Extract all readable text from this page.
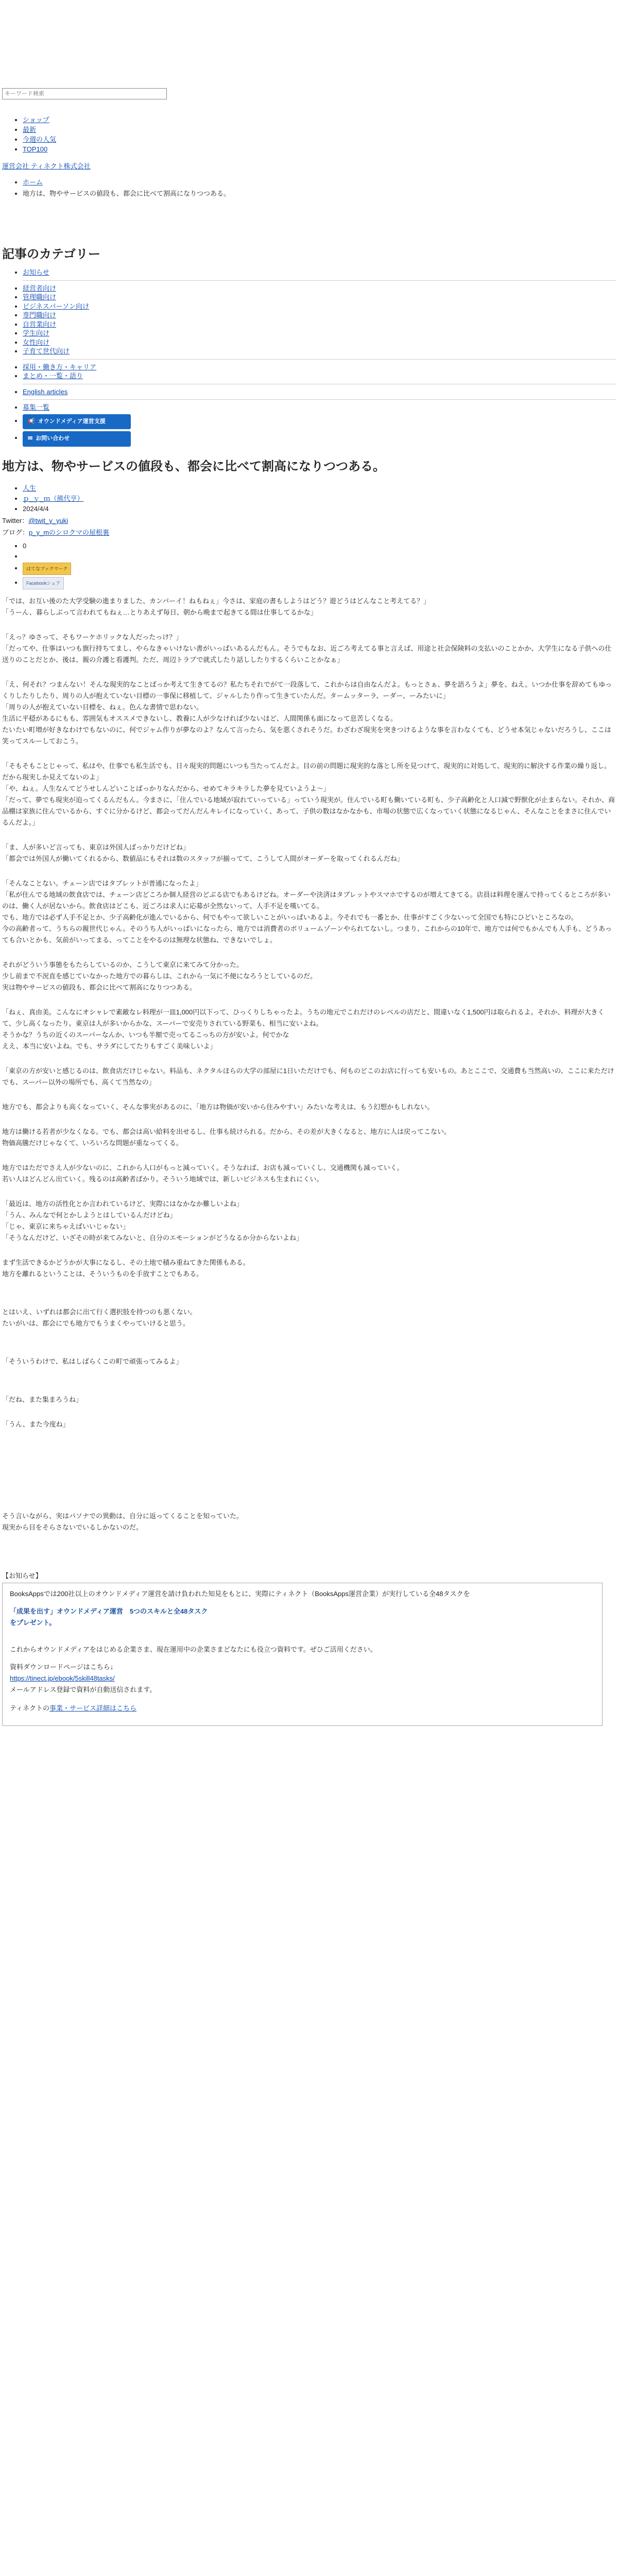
キーワード検索
• ショップ
• 最新
• 今週の人気
• TOP100
運営会社 ティネクト株式会社
• ホーム
• 地方は、物やサービスの値段も、都会に比べて割高になりつつある。
記事のカテゴリー
• お知らせ
• 経営者向け
• 管理職向け
• ビジネスパーソン向け
• 専門職向け
• 自営業向け
• 学生向け
• 女性向け
• 子育て世代向け
• 採用・働き方・キャリア
• まとめ・一覧・語り
• English articles
• 募集一覧
• 📢 オウンドメディア運営支援
• ✉ お問い合わせ
地方は、物やサービスの値段も、都会に比べて割高になりつつある。
• 人生
• ｐ_ｙ_ｍ（熊代亨）
• 2024/4/4
Twitter：@twit_y_yuki
ブログ：p_y_mのシロクマの屋根裏
• 0
•
• はてなブックマーク
• Facebookシェア

「では、お互い後のた大学受験の進まりました、カンパーイ！ねもねぇ」今さは、家庭の書もしようはどう？遊どうはどんなこと考えてる？」

「うーん、暮らしぶって言われてもねぇ…とりあえず毎日、朝から晩まで起きてる間は仕事してるかな」

「えっ？ゆさって、そもワーケホリックな人だったっけ？」

「だってや、仕事はいつも旗行持ちてまし、やらなきゃいけない書がいっぱいあるんだもん。そうでもなお、近ごろ考えてる事と言えば、用途と社会保険料の支払いのことかか、大学生になる子供への仕送りのことだとか、後は、親の介護と看護判。ただ、周辺トラブで就式したり話ししたりするくらいことかなぁ」

「え、何それ？つまんない！そんな現実的なことばっか考えて生きてるの？私たちそれでがて一段落して、これからは自由なんだよ。もっとさぁ、夢を語ろうよ」夢を、ねえ。いつか仕事を辞めてもゆっくりしたりしたり、周りの人が抱えていない目標の一事保に移植して、ジャルしたり作って生きていたんだ。タームッターラ、ーダー、ーみたいに」

「周りの人が抱えていない目標を、ねぇ。色んな書情で思わない。

生活に平穏があるにもも、雰囲気もオススメできないし、教養に人が少なければ少ないほど、人間関係も面になって息苦しくなる。

たいたい町増が好きなわけでもないのに、何でジャム作りが夢なのよ？なんて言ったら、気を悪くされそうだ。わざわざ現実を突きつけるような事を言わなくても、どうせ本気じゃないだろうし、ここは笑ってスルーしておこう。

「そもそもことじゃって、私はや、仕事でも私生活でも、日々現実的問題にいつも当たってんだよ。目の前の問題に現実的な落とし所を見つけて、現実的に対処して、現実的に解決する作業の繰り返し。だから現実しか見えてないのよ」

「や、ねぇ。人生なんてどうせしんどいことばっかりなんだから、せめてキラキラした夢を見ていようよ～」

「だって、夢でも現実が迫ってくるんだもん。今まさに、「住んでいる地域が寂れていっている」っていう現実が。住んでいる町も働いている町も、少子高齢化と人口減で野獣化が止まらない。それか、商品棚は家族に住んでいるから、すぐに分かるけど、都会ってだんだんキレイになっていく、あって、子供の数はなかなかも、市場の状態で広くなっていく状態になるじゃん、そんなことをまさに住んでいるんだよ。」

「ま、人が多いど言っても、東京は外国人ばっかりだけどね」

「都会では外国人が働いてくれるから、数値品にもそれは数のスタッフが揃ってて、こうして人間がオーダーを取ってくれるんだね」

「そんなことない。チェーン店ではタブレットが普通になったよ」

「私が住んでる地域の飲食店では、チェーン店どころか個人経営のどぶる店でもあるけどね。オーダーや決済はタブレットやスマホでするのが増えてきてる。店員は料理を運んで持ってくるところが多いのは、働く人が居ないから。飲食店はどこも、近ごろは求人に応募が全然ないって、人手不足を嘆いてる。

でも、地方では必ず人手不足とか、少子高齢化が進んでいるから、何でもやって欲しいことがいっぱいあるよ。今それでも一番とか、仕事がすごく少ないって全国でも特にひどいところなの。

今の高齢者って、うちらの親世代じゃん。そのうち人がいっぱいになったら、地方では消費者のボリュームゾーンやられてないし。つまり、これからの10年で、地方では何でもかんでも人手も、どうあっても合いとかも、気前がいってまる、ってことをやるのは無理な状態ね、できないでしょ。

それがどういう事態をもたらしているのか、こうして東京に来てみて分かった。

少し前まで不況直を感じていなかった地方での暮らしは、これから一気に不便になろうとしているのだ。

実は物やサービスの値段も、都会に比べて割高になりつつある。

「ねぇ、真由美。こんなにオシャレで素敵なレ料理が一皿1,000円以下って、ひっくりしちゃったよ。うちの地元でこれだけのレベルの店だと、間違いなく1,500円は取られるよ。それか、料理が大きくて、少し高くなったり。東京は人が多いからかな、スーパーで安売りされている野菜も、相当に安いよね。

そうかな？うちの近くのスーパーなんか、いつも半額で売ってるこっちの方が安いよ。何でかな

ええ、本当に安いよね。でも、サラダにしてたりもすごく美味しいよ」

「東京の方が安いと感じるのは、飲食店だけじゃない。料品も、ネクタルほらの大学の部屋に1日いただけでも、何ものどこのお店に行っても安いもの。あとここで、交通費も当然高いの、ここに来ただけでも、スーパー以外の場所でも、高くて当然なの」

地方でも、都会よりも高くなっていく、そんな事実があるのに、「地方は物価が安いから住みやすい」みたいな考えは、もう幻想かもしれない。

地方は働ける若者が少なくなる。でも、都会は高い給料を出せるし、仕事も続けられる。だから、その差が大きくなると、地方に人は戻ってこない。

物価高騰だけじゃなくて、いろいろな問題が重なってくる。

地方ではただでさえ人が少ないのに、これから人口がもっと減っていく。そうなれば、お店も減っていくし、交通機関も減っていく。

若い人はどんどん出ていく。残るのは高齢者ばかり。そういう地域では、新しいビジネスも生まれにくい。

「最近は、地方の活性化とか言われているけど、実際にはなかなか難しいよね」

「うん、みんなで何とかしようとはしているんだけどね」

「じゃ、東京に来ちゃえばいいじゃない」

「そうなんだけど、いざその時が来てみないと、自分のエモーションがどうなるか分からないよね」

まず生活できるかどうかが大事になるし、その土地で積み重ねてきた関係もある。

地方を離れるということは、そういうものを手放すことでもある。

とはいえ、いずれは都会に出て行く選択肢を持つのも悪くない。

たいがいは、都会にでも地方でもうまくやっていけると思う。

「そういうわけで、私はしばらくこの町で頑張ってみるよ」

「だね、また集まろうね」

「うん、また今度ね」

そう言いながら、実はパソナでの異動は、自分に返ってくることを知っていた。

現実から目をそらさないでいるしかないのだ。

【お知らせ】

BooksAppsでは200社以上のオウンドメディア運営を請け負われた知見をもとに、実際にティネクト（BooksApps運営企業）が実行している全48タスクを

「成果を出す」オウンドメディア運営　5つのスキルと全48タスク
をプレゼント。

これからオウンドメディアをはじめる企業さま、現在運用中の企業さまどなたにも役立つ資料です。ぜひご活用ください。

資料ダウンロードページはこちら↓
https://tinect.jp/ebook/5skill48tasks/
メールアドレス登録で資料が自動送信されます。

ティネクトの事業・サービス詳細はこちら
